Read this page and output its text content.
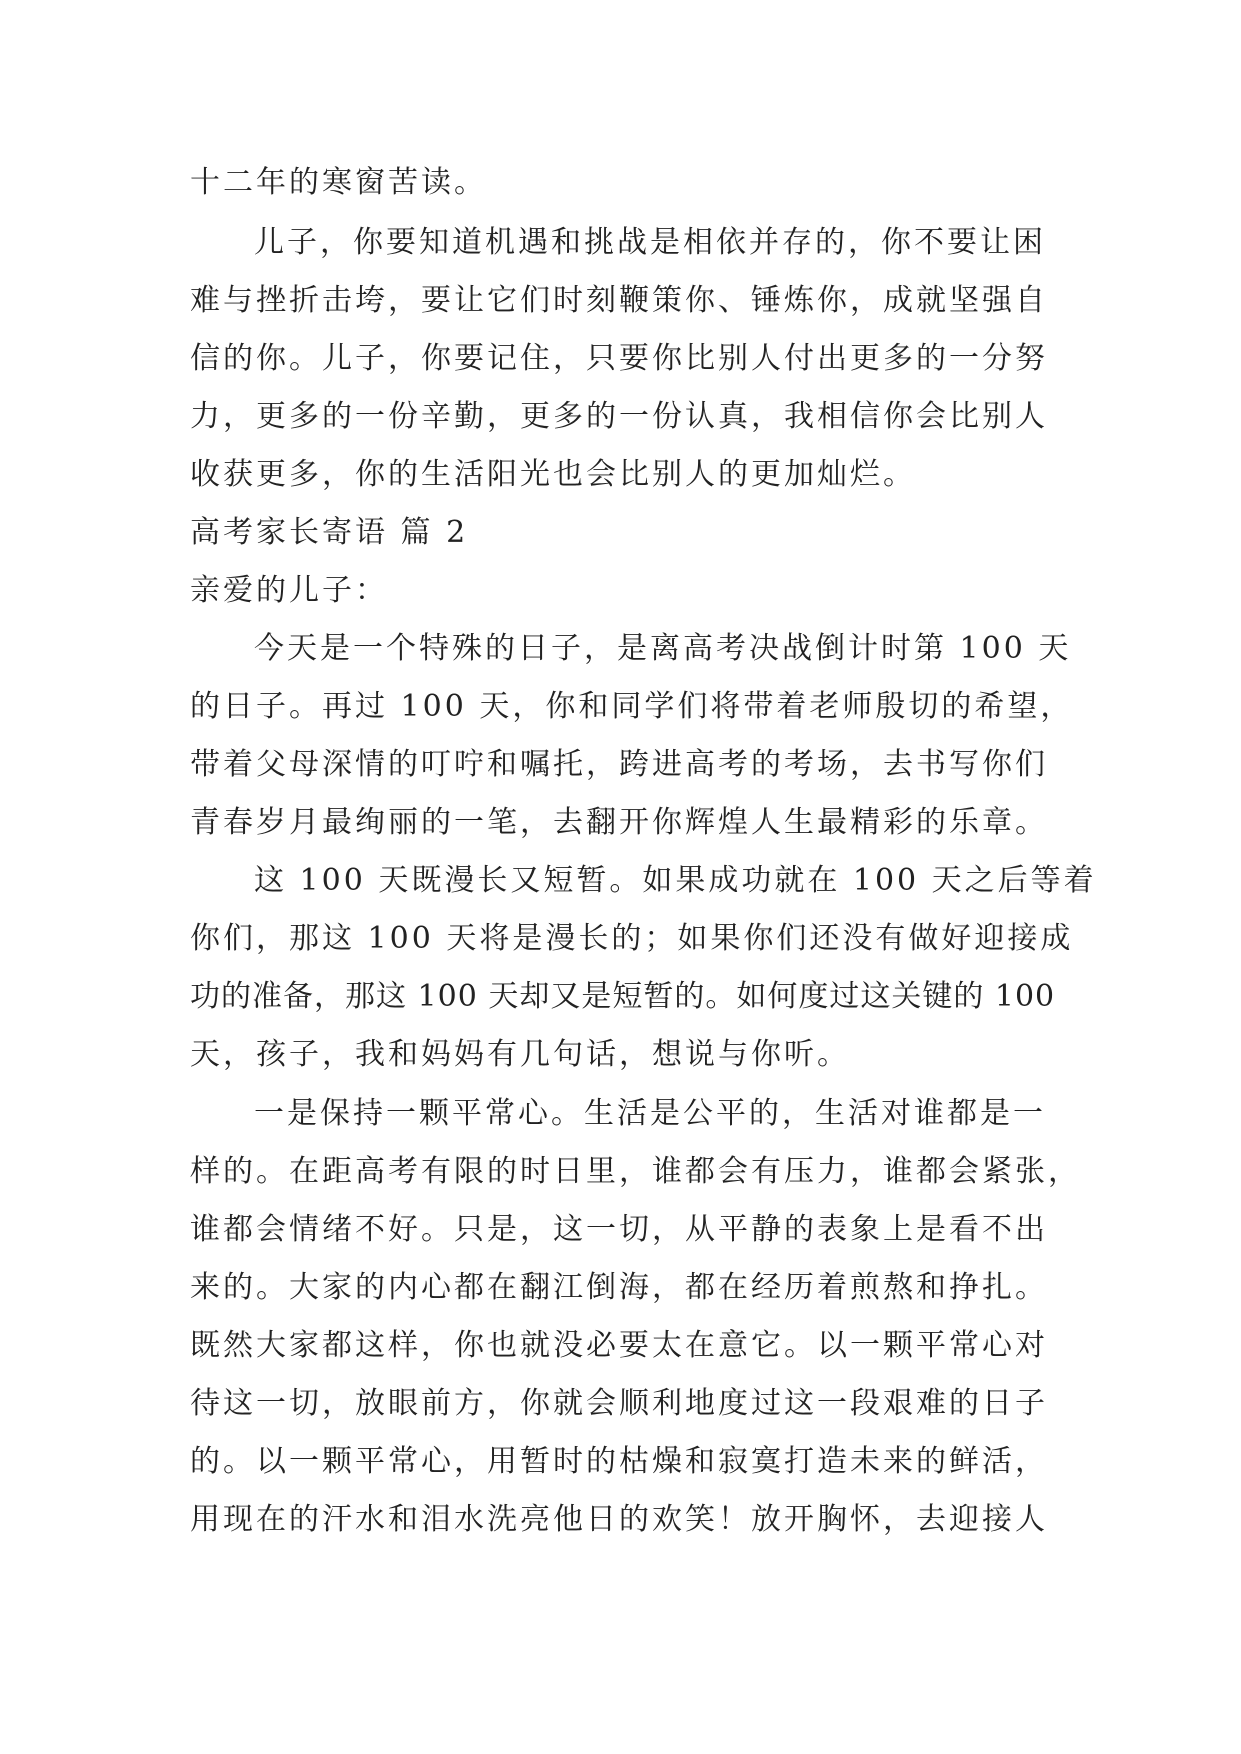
十二年的寒窗苦读。
儿子，你要知道机遇和挑战是相依并存的，你不要让困
难与挫折击垮，要让它们时刻鞭策你、锤炼你，成就坚强自
信的你。儿子，你要记住，只要你比别人付出更多的一分努
力，更多的一份辛勤，更多的一份认真，我相信你会比别人
收获更多，你的生活阳光也会比别人的更加灿烂。
高考家长寄语 篇 2
亲爱的儿子：
今天是一个特殊的日子，是离高考决战倒计时第 100 天
的日子。再过 100 天，你和同学们将带着老师殷切的希望，
带着父母深情的叮咛和嘱托，跨进高考的考场，去书写你们
青春岁月最绚丽的一笔，去翻开你辉煌人生最精彩的乐章。
这 100 天既漫长又短暂。如果成功就在 100 天之后等着
你们，那这 100 天将是漫长的；如果你们还没有做好迎接成
功的准备，那这 100 天却又是短暂的。如何度过这关键的 100
天，孩子，我和妈妈有几句话，想说与你听。
一是保持一颗平常心。生活是公平的，生活对谁都是一
样的。在距高考有限的时日里，谁都会有压力，谁都会紧张，
谁都会情绪不好。只是，这一切，从平静的表象上是看不出
来的。大家的内心都在翻江倒海，都在经历着煎熬和挣扎。
既然大家都这样，你也就没必要太在意它。以一颗平常心对
待这一切，放眼前方，你就会顺利地度过这一段艰难的日子
的。以一颗平常心，用暂时的枯燥和寂寞打造未来的鲜活，
用现在的汗水和泪水洗亮他日的欢笑！放开胸怀，去迎接人
